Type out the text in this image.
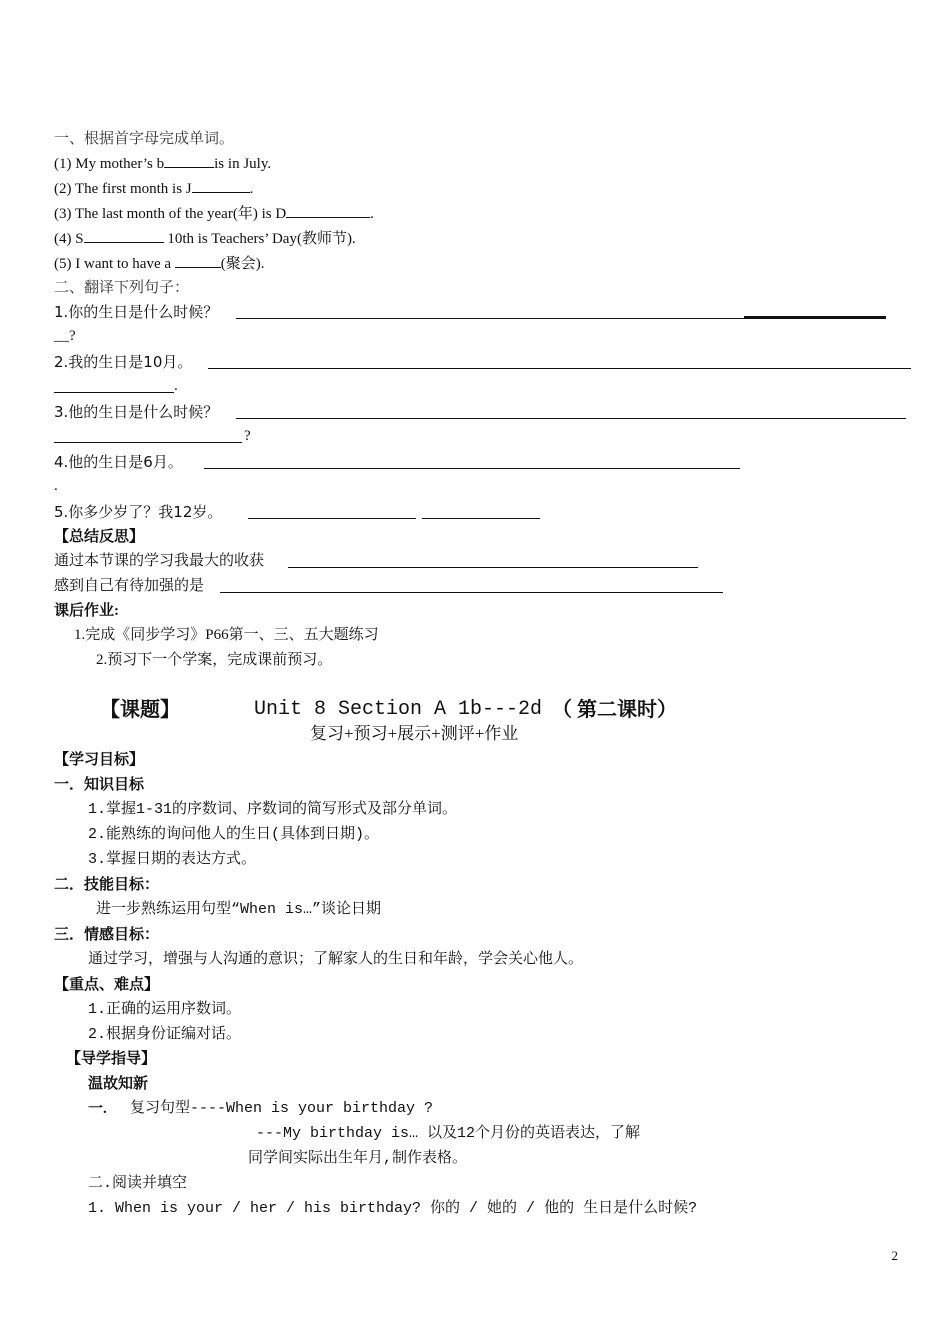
一、根据首字母完成单词。
(1) My mother’s b	is in July.
(2) The first month is J	.
(3) The last month of the year(年) is D	.
(4) S	10th is Teachers’ Day(教师节).
(5) I want to have a	(聚会).
二、翻译下列句子：
1.你的生日是什么时候？
__?
2.我的生日是10月。
.
3.他的生日是什么时候？
?
4.他的生日是6月。
.
5.你多少岁了？我12岁。
【总结反思】
通过本节课的学习我最大的收获
感到自己有待加强的是
课后作业:
1.完成《同步学习》P66第一、三、五大题练习
2.预习下一个学案，完成课前预习。
【课题】	Unit 8 Section A 1b---2d （ 第二课时）
复习+预习+展示+测评+作业
【学习目标】
一．知识目标
1.掌握1-31的序数词、序数词的简写形式及部分单词。
2.能熟练的询问他人的生日(具体到日期)。
3.掌握日期的表达方式。
二．技能目标：
进一步熟练运用句型“When is…”谈论日期
三．情感目标：
通过学习，增强与人沟通的意识；了解家人的生日和年龄，学会关心他人。
【重点、难点】
1.正确的运用序数词。
2.根据身份证编对话。
【导学指导】
温故知新
一. 复习句型----When is your birthday ?
---My birthday is… 以及12个月份的英语表达，了解
同学间实际出生年月,制作表格。
二.阅读并填空
1. When is your / her / his birthday? 你的 / 她的 / 他的 生日是什么时候?
2
